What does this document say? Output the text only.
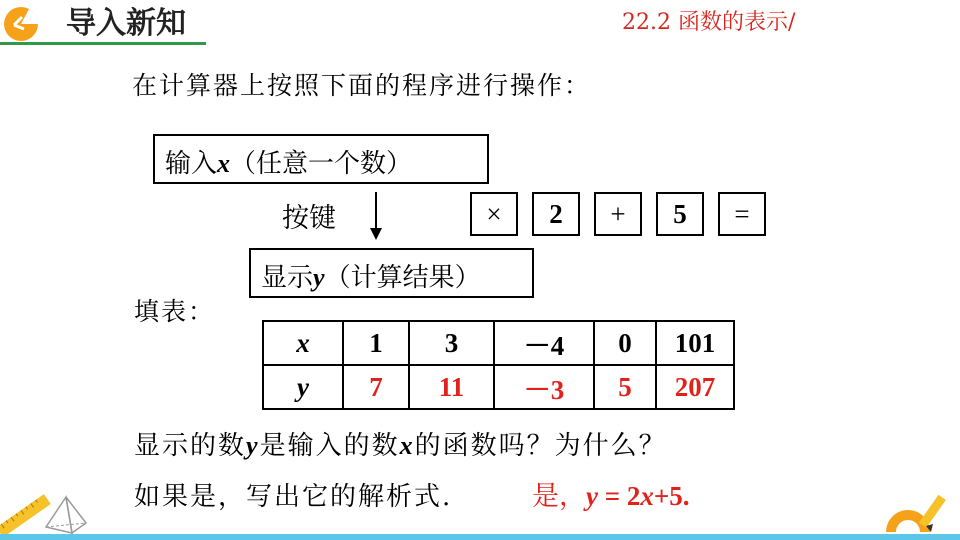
导入新知	22.2 函数的表示/
在计算器上按照下面的程序进行操作：
输入x（任意一个数）
按键	×	2	+	5	=
显示y（计算结果）
填表：
x	1	3	－4	0	101
y	7	11	－3	5	207
显示的数y是输入的数x的函数吗？为什么？
如果是，写出它的解析式.	是，y = 2x+5.
